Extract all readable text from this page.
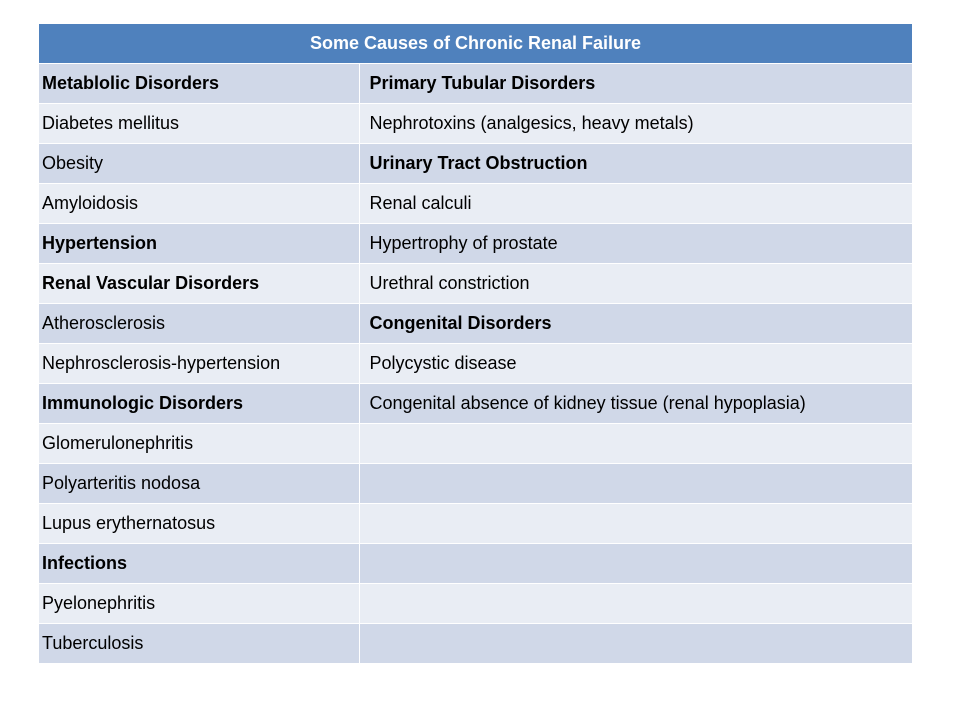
Some Causes of Chronic Renal Failure	
Metablolic Disorders	Primary Tubular Disorders
Diabetes mellitus	Nephrotoxins (analgesics, heavy metals)
Obesity	Urinary Tract Obstruction
Amyloidosis	Renal calculi
Hypertension	Hypertrophy of prostate
Renal Vascular Disorders	Urethral constriction
Atherosclerosis	Congenital Disorders
Nephrosclerosis-hypertension	Polycystic disease
Immunologic Disorders	Congenital absence of kidney tissue (renal hypoplasia)
Glomerulonephritis	
Polyarteritis nodosa	
Lupus erythernatosus	
Infections	
Pyelonephritis	
Tuberculosis	
